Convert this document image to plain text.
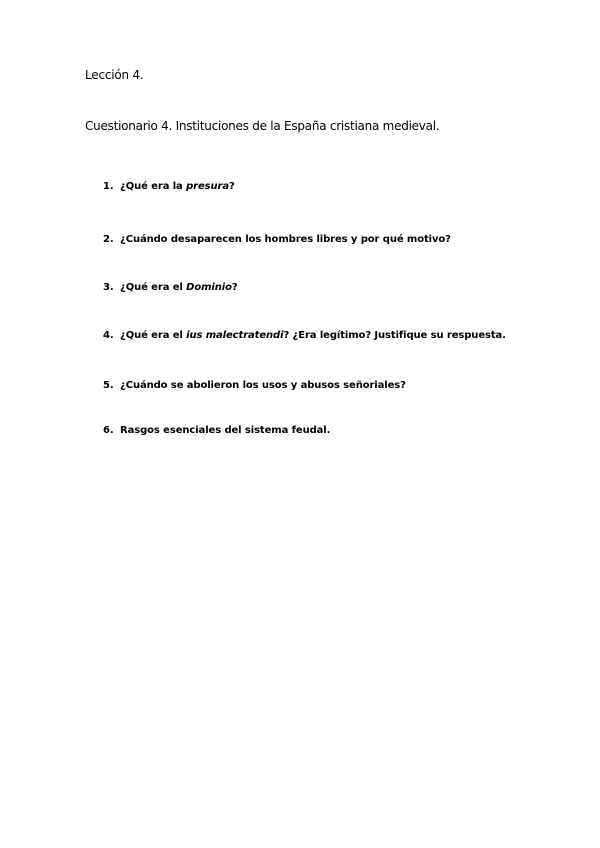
Lección 4.
Cuestionario 4. Instituciones de la España cristiana medieval.
1. ¿Qué era la presura?
2. ¿Cuándo desaparecen los hombres libres y por qué motivo?
3. ¿Qué era el Dominio?
4. ¿Qué era el ius malectratendi? ¿Era legítimo? Justifique su respuesta.
5. ¿Cuándo se abolieron los usos y abusos señoriales?
6. Rasgos esenciales del sistema feudal.
